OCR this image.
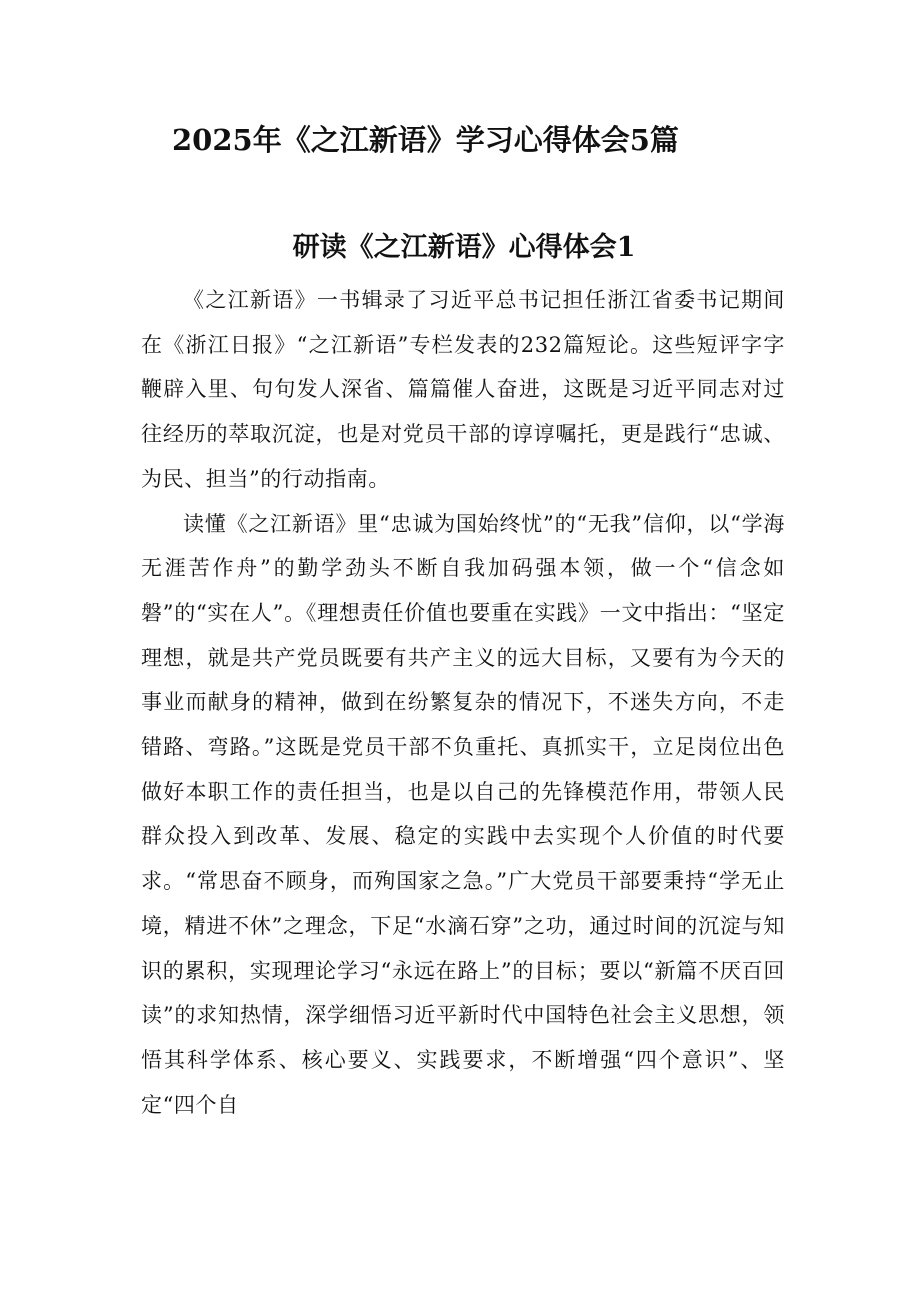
2025年《之江新语》学习心得体会5篇
研读《之江新语》心得体会1

《之江新语》一书辑录了习近平总书记担任浙江省委书记期间在《浙江日报》“之江新语”专栏发表的232篇短论。这些短评字字鞭辟入里、句句发人深省、篇篇催人奋进，这既是习近平同志对过往经历的萃取沉淀，也是对党员干部的谆谆嘱托，更是践行“忠诚、为民、担当”的行动指南。

读懂《之江新语》里“忠诚为国始终忧”的“无我”信仰，以“学海无涯苦作舟”的勤学劲头不断自我加码强本领，做一个“信念如磐”的“实在人”。《理想责任价值也要重在实践》一文中指出：“坚定理想，就是共产党员既要有共产主义的远大目标，又要有为今天的事业而献身的精神，做到在纷繁复杂的情况下，不迷失方向，不走错路、弯路。”这既是党员干部不负重托、真抓实干，立足岗位出色做好本职工作的责任担当，也是以自己的先锋模范作用，带领人民群众投入到改革、发展、稳定的实践中去实现个人价值的时代要求。“常思奋不顾身，而殉国家之急。”广大党员干部要秉持“学无止境，精进不休”之理念，下足“水滴石穿”之功，通过时间的沉淀与知识的累积，实现理论学习“永远在路上”的目标；要以“新篇不厌百回读”的求知热情，深学细悟习近平新时代中国特色社会主义思想，领悟其科学体系、核心要义、实践要求，不断增强“四个意识”、坚定“四个自
